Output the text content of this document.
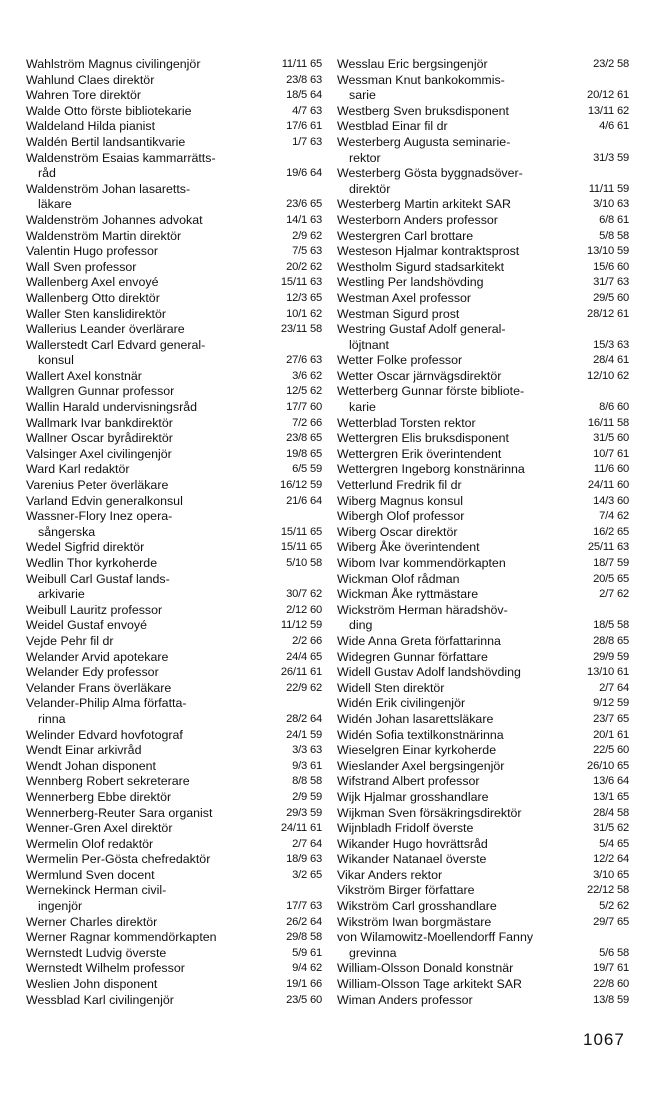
Wahlström Magnus civilingenjör	11/11 65
Wahlund Claes direktör	23/8 63
Wahren Tore direktör	18/5 64
Walde Otto förste bibliotekarie	4/7 63
Waldeland Hilda pianist	17/6 61
Waldén Bertil landsantikvarie	1/7 63
Waldenström Esaias kammarrätts-
råd	19/6 64
Waldenström Johan lasaretts-
läkare	23/6 65
Waldenström Johannes advokat	14/1 63
Waldenström Martin direktör	2/9 62
Valentin Hugo professor	7/5 63
Wall Sven professor	20/2 62
Wallenberg Axel envoyé	15/11 63
Wallenberg Otto direktör	12/3 65
Waller Sten kanslidirektör	10/1 62
Wallerius Leander överlärare	23/11 58
Wallerstedt Carl Edvard general-
konsul	27/6 63
Wallert Axel konstnär	3/6 62
Wallgren Gunnar professor	12/5 62
Wallin Harald undervisningsråd	17/7 60
Wallmark Ivar bankdirektör	7/2 66
Wallner Oscar byrådirektör	23/8 65
Valsinger Axel civilingenjör	19/8 65
Ward Karl redaktör	6/5 59
Varenius Peter överläkare	16/12 59
Varland Edvin generalkonsul	21/6 64
Wassner-Flory Inez opera-
sångerska	15/11 65
Wedel Sigfrid direktör	15/11 65
Wedlin Thor kyrkoherde	5/10 58
Weibull Carl Gustaf lands-
arkivarie	30/7 62
Weibull Lauritz professor	2/12 60
Weidel Gustaf envoyé	11/12 59
Vejde Pehr fil dr	2/2 66
Welander Arvid apotekare	24/4 65
Welander Edy professor	26/11 61
Velander Frans överläkare	22/9 62
Velander-Philip Alma författa-
rinna	28/2 64
Welinder Edvard hovfotograf	24/1 59
Wendt Einar arkivråd	3/3 63
Wendt Johan disponent	9/3 61
Wennberg Robert sekreterare	8/8 58
Wennerberg Ebbe direktör	2/9 59
Wennerberg-Reuter Sara organist	29/3 59
Wenner-Gren Axel direktör	24/11 61
Wermelin Olof redaktör	2/7 64
Wermelin Per-Gösta chefredaktör	18/9 63
Wermlund Sven docent	3/2 65
Wernekinck Herman civil-
ingenjör	17/7 63
Werner Charles direktör	26/2 64
Werner Ragnar kommendörkapten	29/8 58
Wernstedt Ludvig överste	5/9 61
Wernstedt Wilhelm professor	9/4 62
Weslien John disponent	19/1 66
Wessblad Karl civilingenjör	23/5 60
Wesslau Eric bergsingenjör	23/2 58
Wessman Knut bankokommis-
sarie	20/12 61
Westberg Sven bruksdisponent	13/11 62
Westblad Einar fil dr	4/6 61
Westerberg Augusta seminarie-
rektor	31/3 59
Westerberg Gösta byggnadsöver-
direktör	11/11 59
Westerberg Martin arkitekt SAR	3/10 63
Westerborn Anders professor	6/8 61
Westergren Carl brottare	5/8 58
Westeson Hjalmar kontraktsprost	13/10 59
Westholm Sigurd stadsarkitekt	15/6 60
Westling Per landshövding	31/7 63
Westman Axel professor	29/5 60
Westman Sigurd prost	28/12 61
Westring Gustaf Adolf general-
löjtnant	15/3 63
Wetter Folke professor	28/4 61
Wetter Oscar järnvägsdirektör	12/10 62
Wetterberg Gunnar förste bibliote-
karie	8/6 60
Wetterblad Torsten rektor	16/11 58
Wettergren Elis bruksdisponent	31/5 60
Wettergren Erik överintendent	10/7 61
Wettergren Ingeborg konstnärinna	11/6 60
Vetterlund Fredrik fil dr	24/11 60
Wiberg Magnus konsul	14/3 60
Wibergh Olof professor	7/4 62
Wiberg Oscar direktör	16/2 65
Wiberg Åke överintendent	25/11 63
Wibom Ivar kommendörkapten	18/7 59
Wickman Olof rådman	20/5 65
Wickman Åke ryttmästare	2/7 62
Wickström Herman häradshöv-
ding	18/5 58
Wide Anna Greta författarinna	28/8 65
Widegren Gunnar författare	29/9 59
Widell Gustav Adolf landshövding	13/10 61
Widell Sten direktör	2/7 64
Widén Erik civilingenjör	9/12 59
Widén Johan lasarettsläkare	23/7 65
Widén Sofia textilkonstnärinna	20/1 61
Wieselgren Einar kyrkoherde	22/5 60
Wieslander Axel bergsingenjör	26/10 65
Wifstrand Albert professor	13/6 64
Wijk Hjalmar grosshandlare	13/1 65
Wijkman Sven försäkringsdirektör	28/4 58
Wijnbladh Fridolf överste	31/5 62
Wikander Hugo hovrättsråd	5/4 65
Wikander Natanael överste	12/2 64
Vikar Anders rektor	3/10 65
Vikström Birger författare	22/12 58
Wikström Carl grosshandlare	5/2 62
Wikström Iwan borgmästare	29/7 65
von Wilamowitz-Moellendorff Fanny
grevinna	5/6 58
William-Olsson Donald konstnär	19/7 61
William-Olsson Tage arkitekt SAR	22/8 60
Wiman Anders professor	13/8 59
1067
